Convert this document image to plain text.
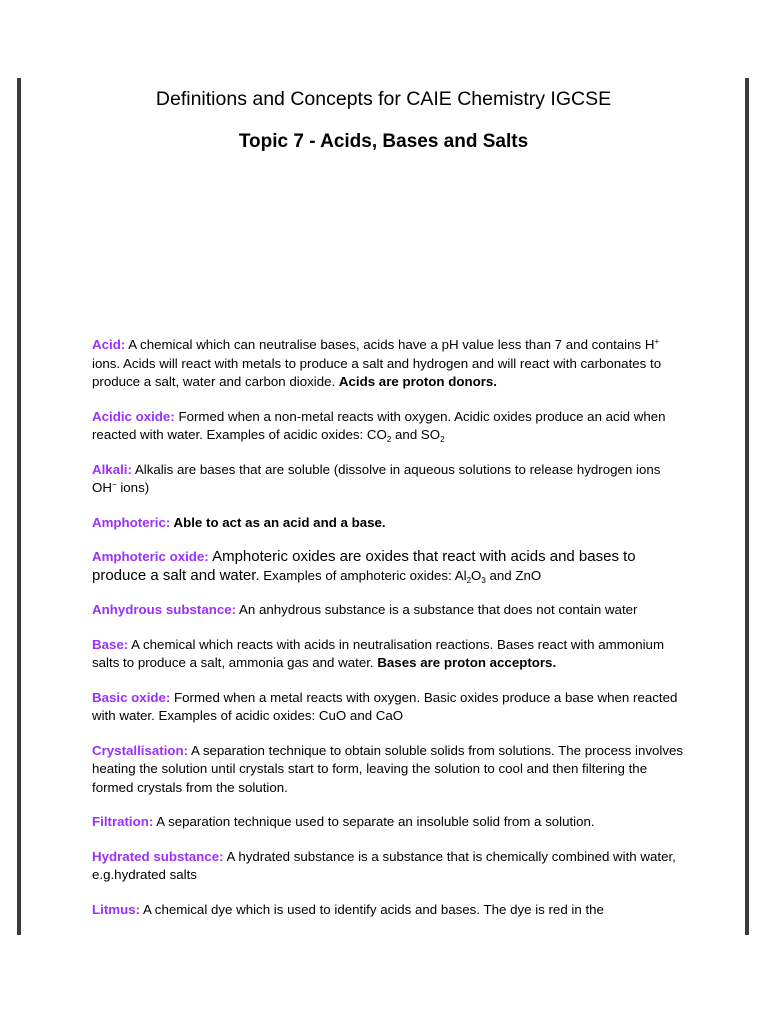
Definitions and Concepts for CAIE Chemistry IGCSE
Topic 7 - Acids, Bases and Salts

Acid: A chemical which can neutralise bases, acids have a pH value less than 7 and contains H+ ions. Acids will react with metals to produce a salt and hydrogen and will react with carbonates to produce a salt, water and carbon dioxide. Acids are proton donors.

Acidic oxide: Formed when a non-metal reacts with oxygen. Acidic oxides produce an acid when reacted with water. Examples of acidic oxides: $CO_2$ and $SO_2$

Alkali: Alkalis are bases that are soluble (dissolve in aqueous solutions to release hydrogen ions OH− ions)

Amphoteric: Able to act as an acid and a base.

Amphoteric oxide: Amphoteric oxides are oxides that react with acids and bases to
produce a salt and water. Examples of amphoteric oxides: $Al_2O_3$ and ZnO

Anhydrous substance: An anhydrous substance is a substance that does not contain water

Base: A chemical which reacts with acids in neutralisation reactions. Bases react with ammonium salts to produce a salt, ammonia gas and water. Bases are proton acceptors.

Basic oxide: Formed when a metal reacts with oxygen. Basic oxides produce a base when reacted with water. Examples of acidic oxides: CuO and CaO

Crystallisation: A separation technique to obtain soluble solids from solutions. The process involves heating the solution until crystals start to form, leaving the solution to cool and then filtering the formed crystals from the solution.

Filtration: A separation technique used to separate an insoluble solid from a solution.

Hydrated substance: A hydrated substance is a substance that is chemically combined with water, e.g.hydrated salts

Litmus: A chemical dye which is used to identify acids and bases. The dye is red in the
